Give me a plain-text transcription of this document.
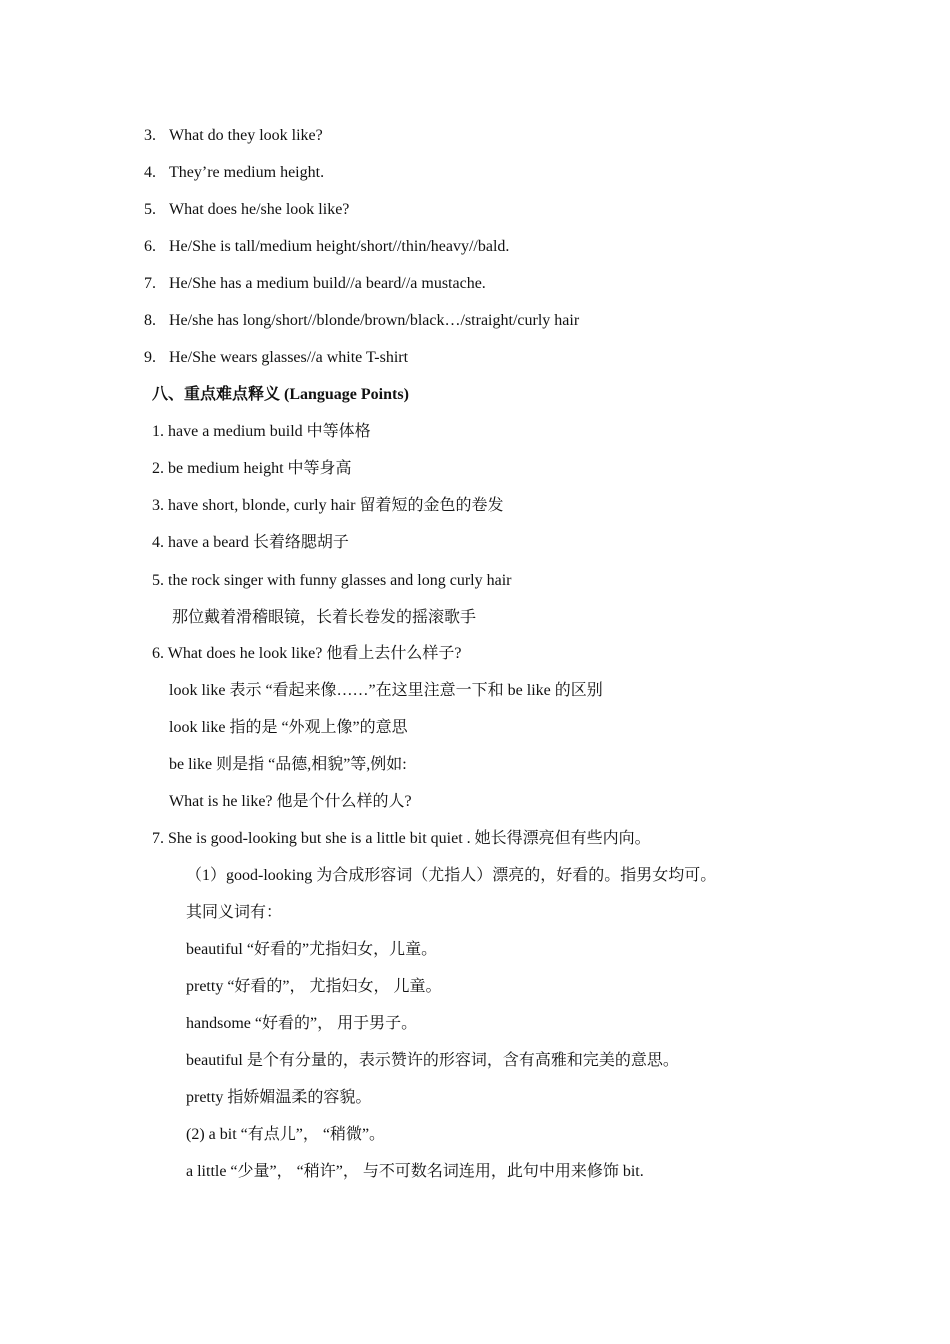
3. What do they look like?
4. They’re medium height.
5. What does he/she look like?
6. He/She is tall/medium height/short//thin/heavy//bald.
7. He/She has a medium build//a beard//a mustache.
8. He/she has long/short//blonde/brown/black…/straight/curly hair
9. He/She wears glasses//a white T-shirt
八、重点难点释义 (Language Points)
1. have a medium build 中等体格
2. be medium height 中等身高
3. have short, blonde, curly hair 留着短的金色的卷发
4. have a beard 长着络腮胡子
5. the rock singer with funny glasses and long curly hair
那位戴着滑稽眼镜，长着长卷发的摇滚歌手
6. What does he look like? 他看上去什么样子?
look like 表示 “看起来像……”在这里注意一下和 be like 的区别
look like 指的是 “外观上像”的意思
be like 则是指 “品德,相貌”等,例如:
What is he like? 他是个什么样的人?
7. She is good-looking but she is a little bit quiet . 她长得漂亮但有些内向。
（1）good-looking 为合成形容词（尤指人）漂亮的，好看的。指男女均可。
其同义词有：
beautiful “好看的”尤指妇女，儿童。
pretty “好看的”， 尤指妇女， 儿童。
handsome “好看的”， 用于男子。
beautiful 是个有分量的，表示赞许的形容词，含有高雅和完美的意思。
pretty 指娇媚温柔的容貌。
(2) a bit “有点儿”， “稍微”。
a little “少量”， “稍许”， 与不可数名词连用，此句中用来修饰 bit.
